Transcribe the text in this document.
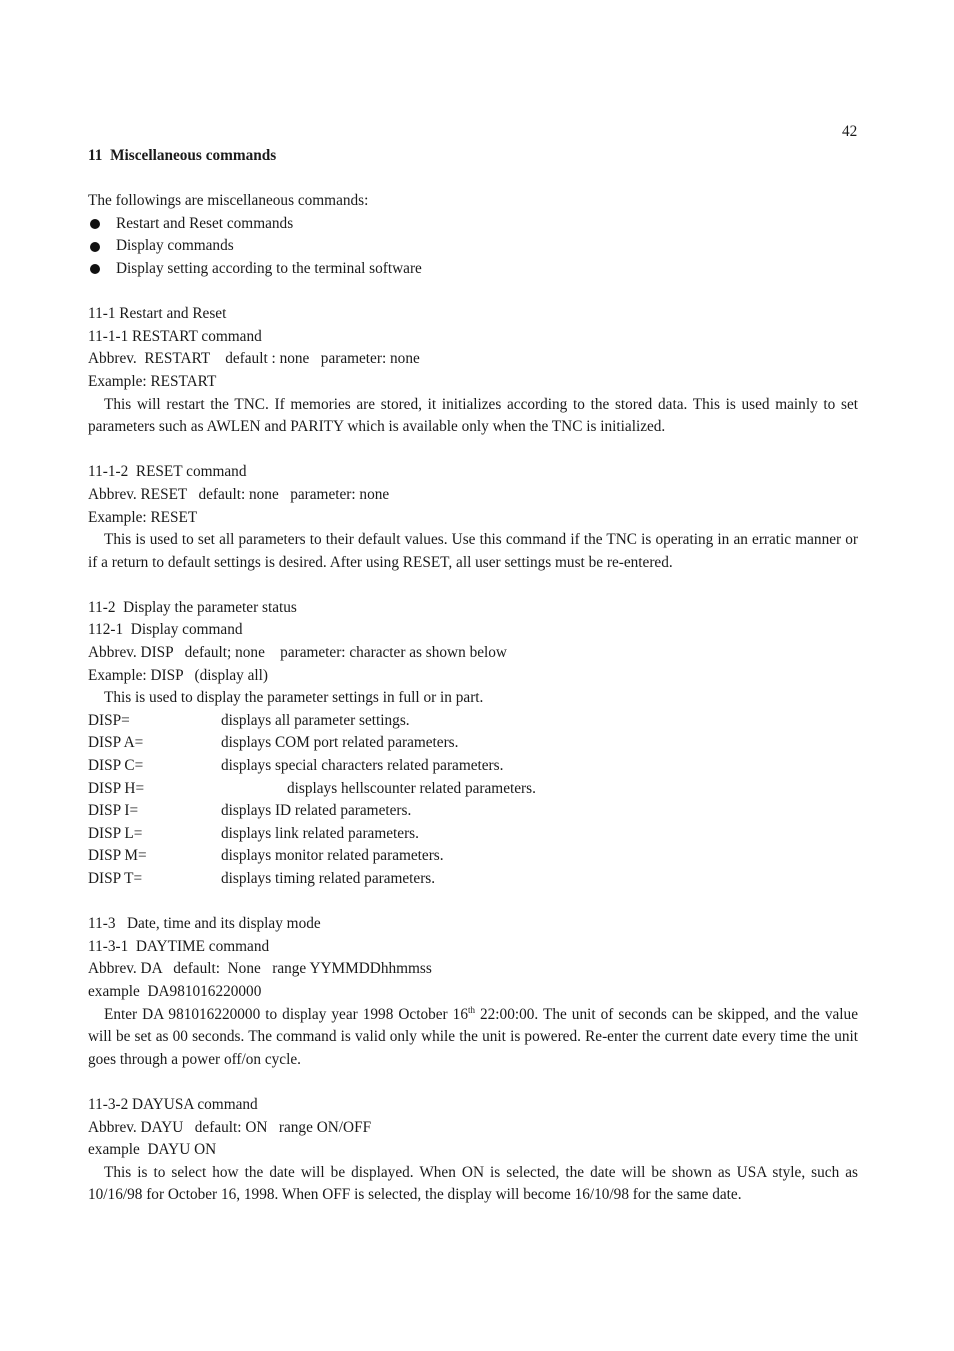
42
11  Miscellaneous commands
The followings are miscellaneous commands:
Restart and Reset commands
Display commands
Display setting according to the terminal software
11-1 Restart and Reset
11-1-1 RESTART command
Abbrev.  RESTART    default : none   parameter: none
Example: RESTART
This will restart the TNC. If memories are stored, it initializes according to the stored data. This is used mainly to set parameters such as AWLEN and PARITY which is available only when the TNC is initialized.
11-1-2  RESET command
Abbrev. RESET   default: none   parameter: none
Example: RESET
This is used to set all parameters to their default values. Use this command if the TNC is operating in an erratic manner or if a return to default settings is desired. After using RESET, all user settings must be re-entered.
11-2  Display the parameter status
112-1  Display command
Abbrev. DISP   default; none    parameter: character as shown below
Example: DISP   (display all)
This is used to display the parameter settings in full or in part.
DISP=	displays all parameter settings.
DISP A=	displays COM port related parameters.
DISP C=	displays special characters related parameters.
DISP H=	displays hellscounter related parameters.
DISP I=	displays ID related parameters.
DISP L=	displays link related parameters.
DISP M=	displays monitor related parameters.
DISP T=	displays timing related parameters.
11-3   Date, time and its display mode
11-3-1  DAYTIME command
Abbrev. DA   default:  None   range YYMMDDhhmmss
example  DA981016220000
Enter DA 981016220000 to display year 1998 October 16th 22:00:00. The unit of seconds can be skipped, and the value will be set as 00 seconds. The command is valid only while the unit is powered. Re-enter the current date every time the unit goes through a power off/on cycle.
11-3-2 DAYUSA command
Abbrev. DAYU   default: ON   range ON/OFF
example  DAYU ON
This is to select how the date will be displayed. When ON is selected, the date will be shown as USA style, such as 10/16/98 for October 16, 1998. When OFF is selected, the display will become 16/10/98 for the same date.
